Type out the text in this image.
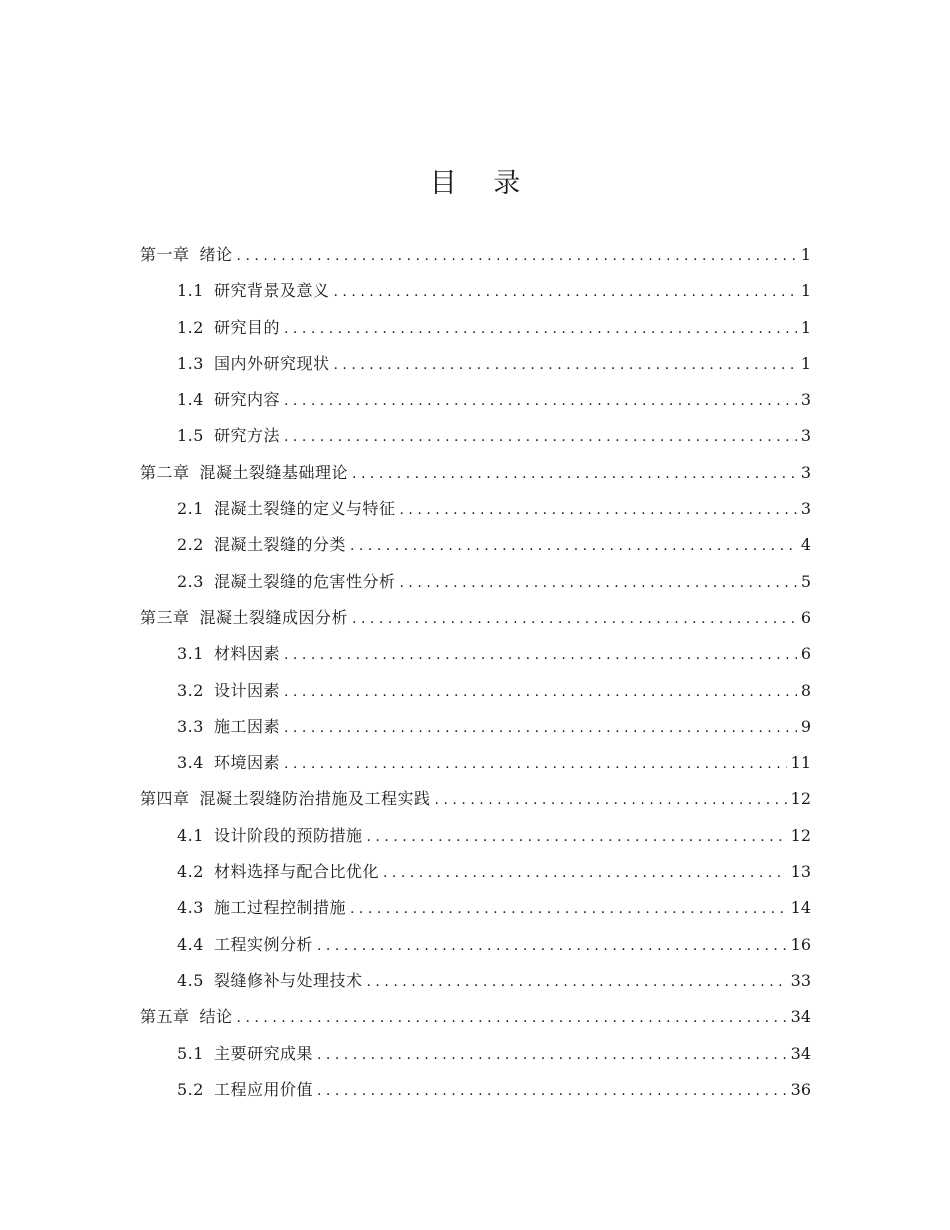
目 录
第一章 绪论 .....	1
1.1 研究背景及意义 .....	1
1.2 研究目的 .....	1
1.3 国内外研究现状 .....	1
1.4 研究内容 .....	3
1.5 研究方法 .....	3
第二章 混凝土裂缝基础理论 .....	3
2.1 混凝土裂缝的定义与特征 .....	3
2.2 混凝土裂缝的分类 .....	4
2.3 混凝土裂缝的危害性分析 .....	5
第三章 混凝土裂缝成因分析 .....	6
3.1 材料因素 .....	6
3.2 设计因素 .....	8
3.3 施工因素 .....	9
3.4 环境因素 .....	11
第四章 混凝土裂缝防治措施及工程实践 .....	12
4.1 设计阶段的预防措施 .....	12
4.2 材料选择与配合比优化 .....	13
4.3 施工过程控制措施 .....	14
4.4 工程实例分析 .....	16
4.5 裂缝修补与处理技术 .....	33
第五章 结论 .....	34
5.1 主要研究成果 .....	34
5.2 工程应用价值 .....	36
